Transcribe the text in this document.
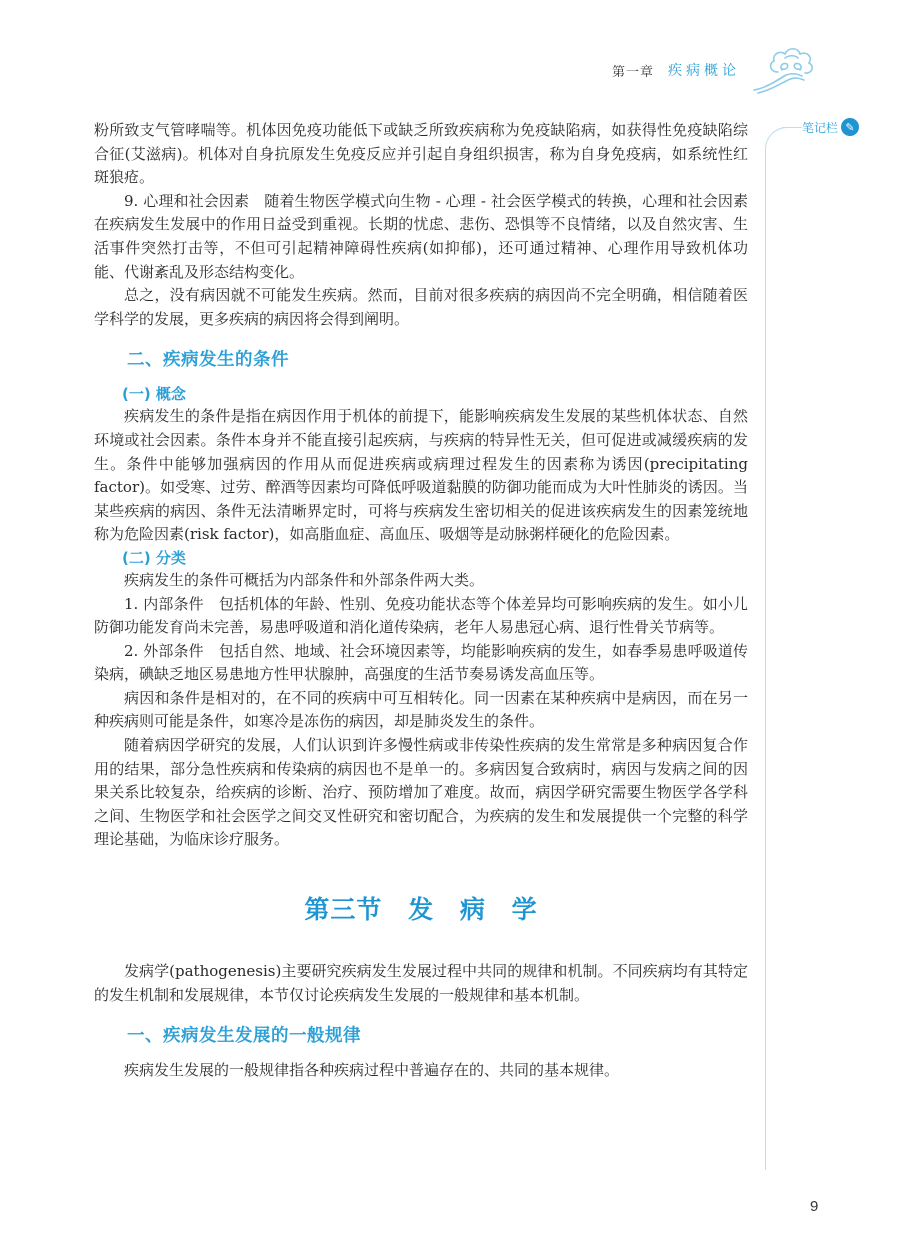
第一章 疾病概论
笔记栏 ✎

粉所致支气管哮喘等。机体因免疫功能低下或缺乏所致疾病称为免疫缺陷病，如获得性免疫缺陷综合征(艾滋病)。机体对自身抗原发生免疫反应并引起自身组织损害，称为自身免疫病，如系统性红斑狼疮。

9. 心理和社会因素　随着生物医学模式向生物 - 心理 - 社会医学模式的转换，心理和社会因素在疾病发生发展中的作用日益受到重视。长期的忧虑、悲伤、恐惧等不良情绪，以及自然灾害、生活事件突然打击等，不但可引起精神障碍性疾病(如抑郁)，还可通过精神、心理作用导致机体功能、代谢紊乱及形态结构变化。

总之，没有病因就不可能发生疾病。然而，目前对很多疾病的病因尚不完全明确，相信随着医学科学的发展，更多疾病的病因将会得到阐明。

二、疾病发生的条件
(一) 概念

疾病发生的条件是指在病因作用于机体的前提下，能影响疾病发生发展的某些机体状态、自然环境或社会因素。条件本身并不能直接引起疾病，与疾病的特异性无关，但可促进或减缓疾病的发生。条件中能够加强病因的作用从而促进疾病或病理过程发生的因素称为诱因(precipitating factor)。如受寒、过劳、醉酒等因素均可降低呼吸道黏膜的防御功能而成为大叶性肺炎的诱因。当某些疾病的病因、条件无法清晰界定时，可将与疾病发生密切相关的促进该疾病发生的因素笼统地称为危险因素(risk factor)，如高脂血症、高血压、吸烟等是动脉粥样硬化的危险因素。

(二) 分类

疾病发生的条件可概括为内部条件和外部条件两大类。

1. 内部条件　包括机体的年龄、性别、免疫功能状态等个体差异均可影响疾病的发生。如小儿防御功能发育尚未完善，易患呼吸道和消化道传染病，老年人易患冠心病、退行性骨关节病等。

2. 外部条件　包括自然、地域、社会环境因素等，均能影响疾病的发生，如春季易患呼吸道传染病，碘缺乏地区易患地方性甲状腺肿，高强度的生活节奏易诱发高血压等。

病因和条件是相对的，在不同的疾病中可互相转化。同一因素在某种疾病中是病因，而在另一种疾病则可能是条件，如寒冷是冻伤的病因，却是肺炎发生的条件。

随着病因学研究的发展，人们认识到许多慢性病或非传染性疾病的发生常常是多种病因复合作用的结果，部分急性疾病和传染病的病因也不是单一的。多病因复合致病时，病因与发病之间的因果关系比较复杂，给疾病的诊断、治疗、预防增加了难度。故而，病因学研究需要生物医学各学科之间、生物医学和社会医学之间交叉性研究和密切配合，为疾病的发生和发展提供一个完整的科学理论基础，为临床诊疗服务。

第三节 发 病 学

发病学(pathogenesis)主要研究疾病发生发展过程中共同的规律和机制。不同疾病均有其特定的发生机制和发展规律，本节仅讨论疾病发生发展的一般规律和基本机制。

一、疾病发生发展的一般规律

疾病发生发展的一般规律指各种疾病过程中普遍存在的、共同的基本规律。

9
